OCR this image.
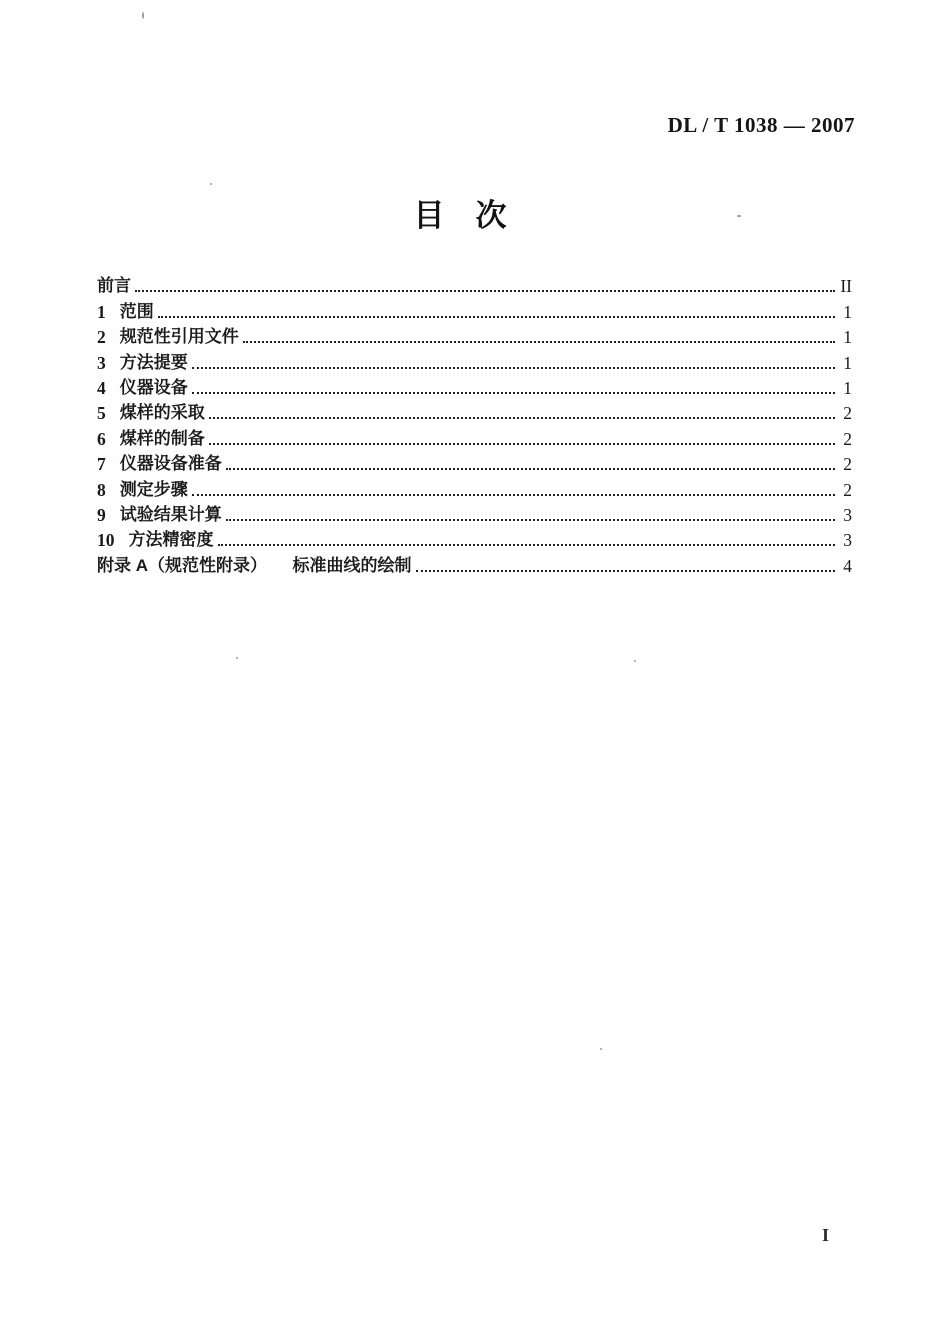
DL / T 1038 — 2007
目　次
前言	II
1 范围	1
2 规范性引用文件	1
3 方法提要	1
4 仪器设备	1
5 煤样的采取	2
6 煤样的制备	2
7 仪器设备准备	2
8 测定步骤	2
9 试验结果计算	3
10 方法精密度	3
附录 A（规范性附录）　　标准曲线的绘制	4
I
